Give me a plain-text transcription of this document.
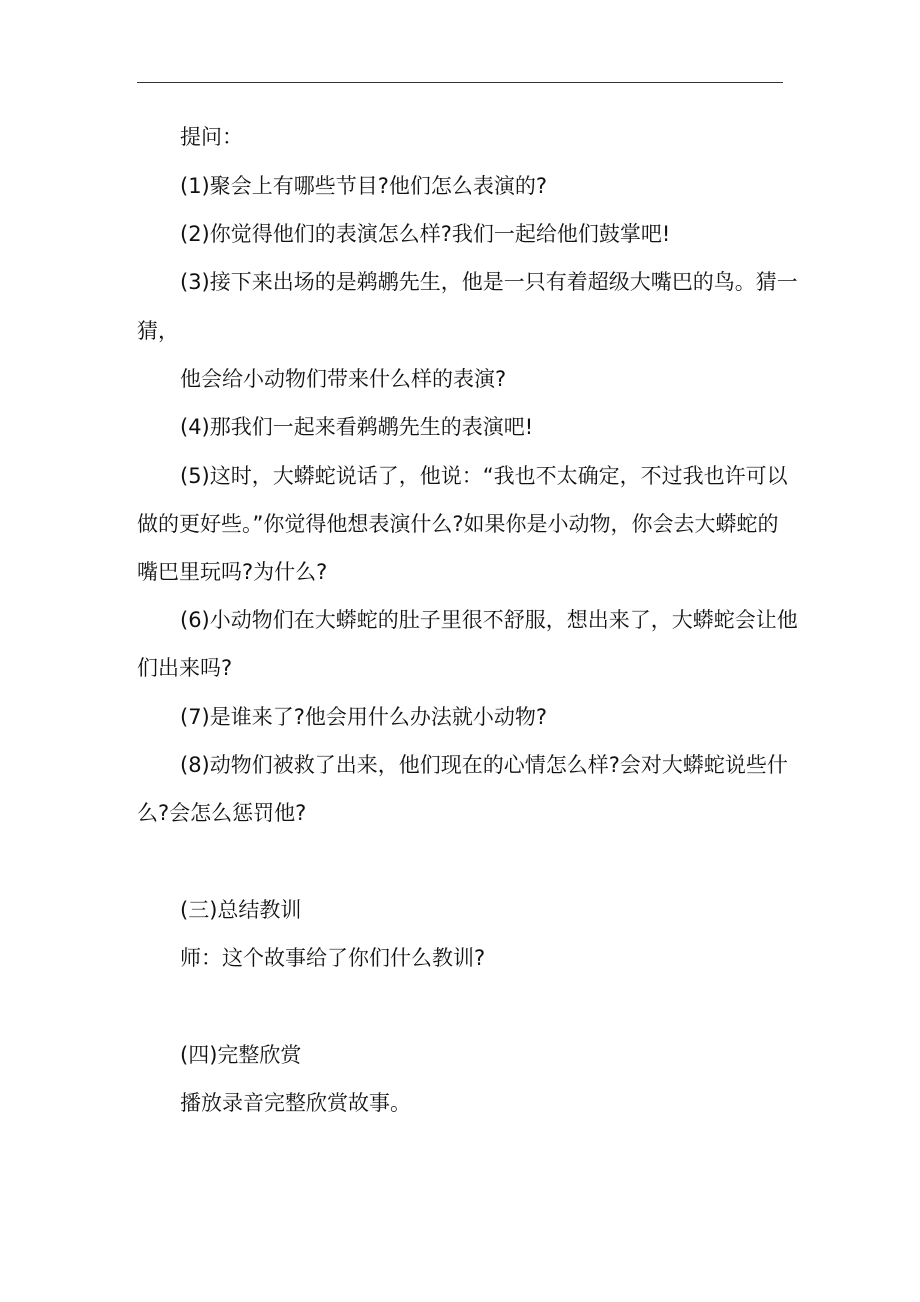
提问：
(1)聚会上有哪些节目?他们怎么表演的?
(2)你觉得他们的表演怎么样?我们一起给他们鼓掌吧!
(3)接下来出场的是鹈鹕先生，他是一只有着超级大嘴巴的鸟。猜一
猜，
他会给小动物们带来什么样的表演?
(4)那我们一起来看鹈鹕先生的表演吧!
(5)这时，大蟒蛇说话了，他说：“我也不太确定，不过我也许可以
做的更好些。”你觉得他想表演什么?如果你是小动物，你会去大蟒蛇的
嘴巴里玩吗?为什么?
(6)小动物们在大蟒蛇的肚子里很不舒服，想出来了，大蟒蛇会让他
们出来吗?
(7)是谁来了?他会用什么办法就小动物?
(8)动物们被救了出来，他们现在的心情怎么样?会对大蟒蛇说些什
么?会怎么惩罚他?
(三)总结教训
师：这个故事给了你们什么教训?
(四)完整欣赏
播放录音完整欣赏故事。
